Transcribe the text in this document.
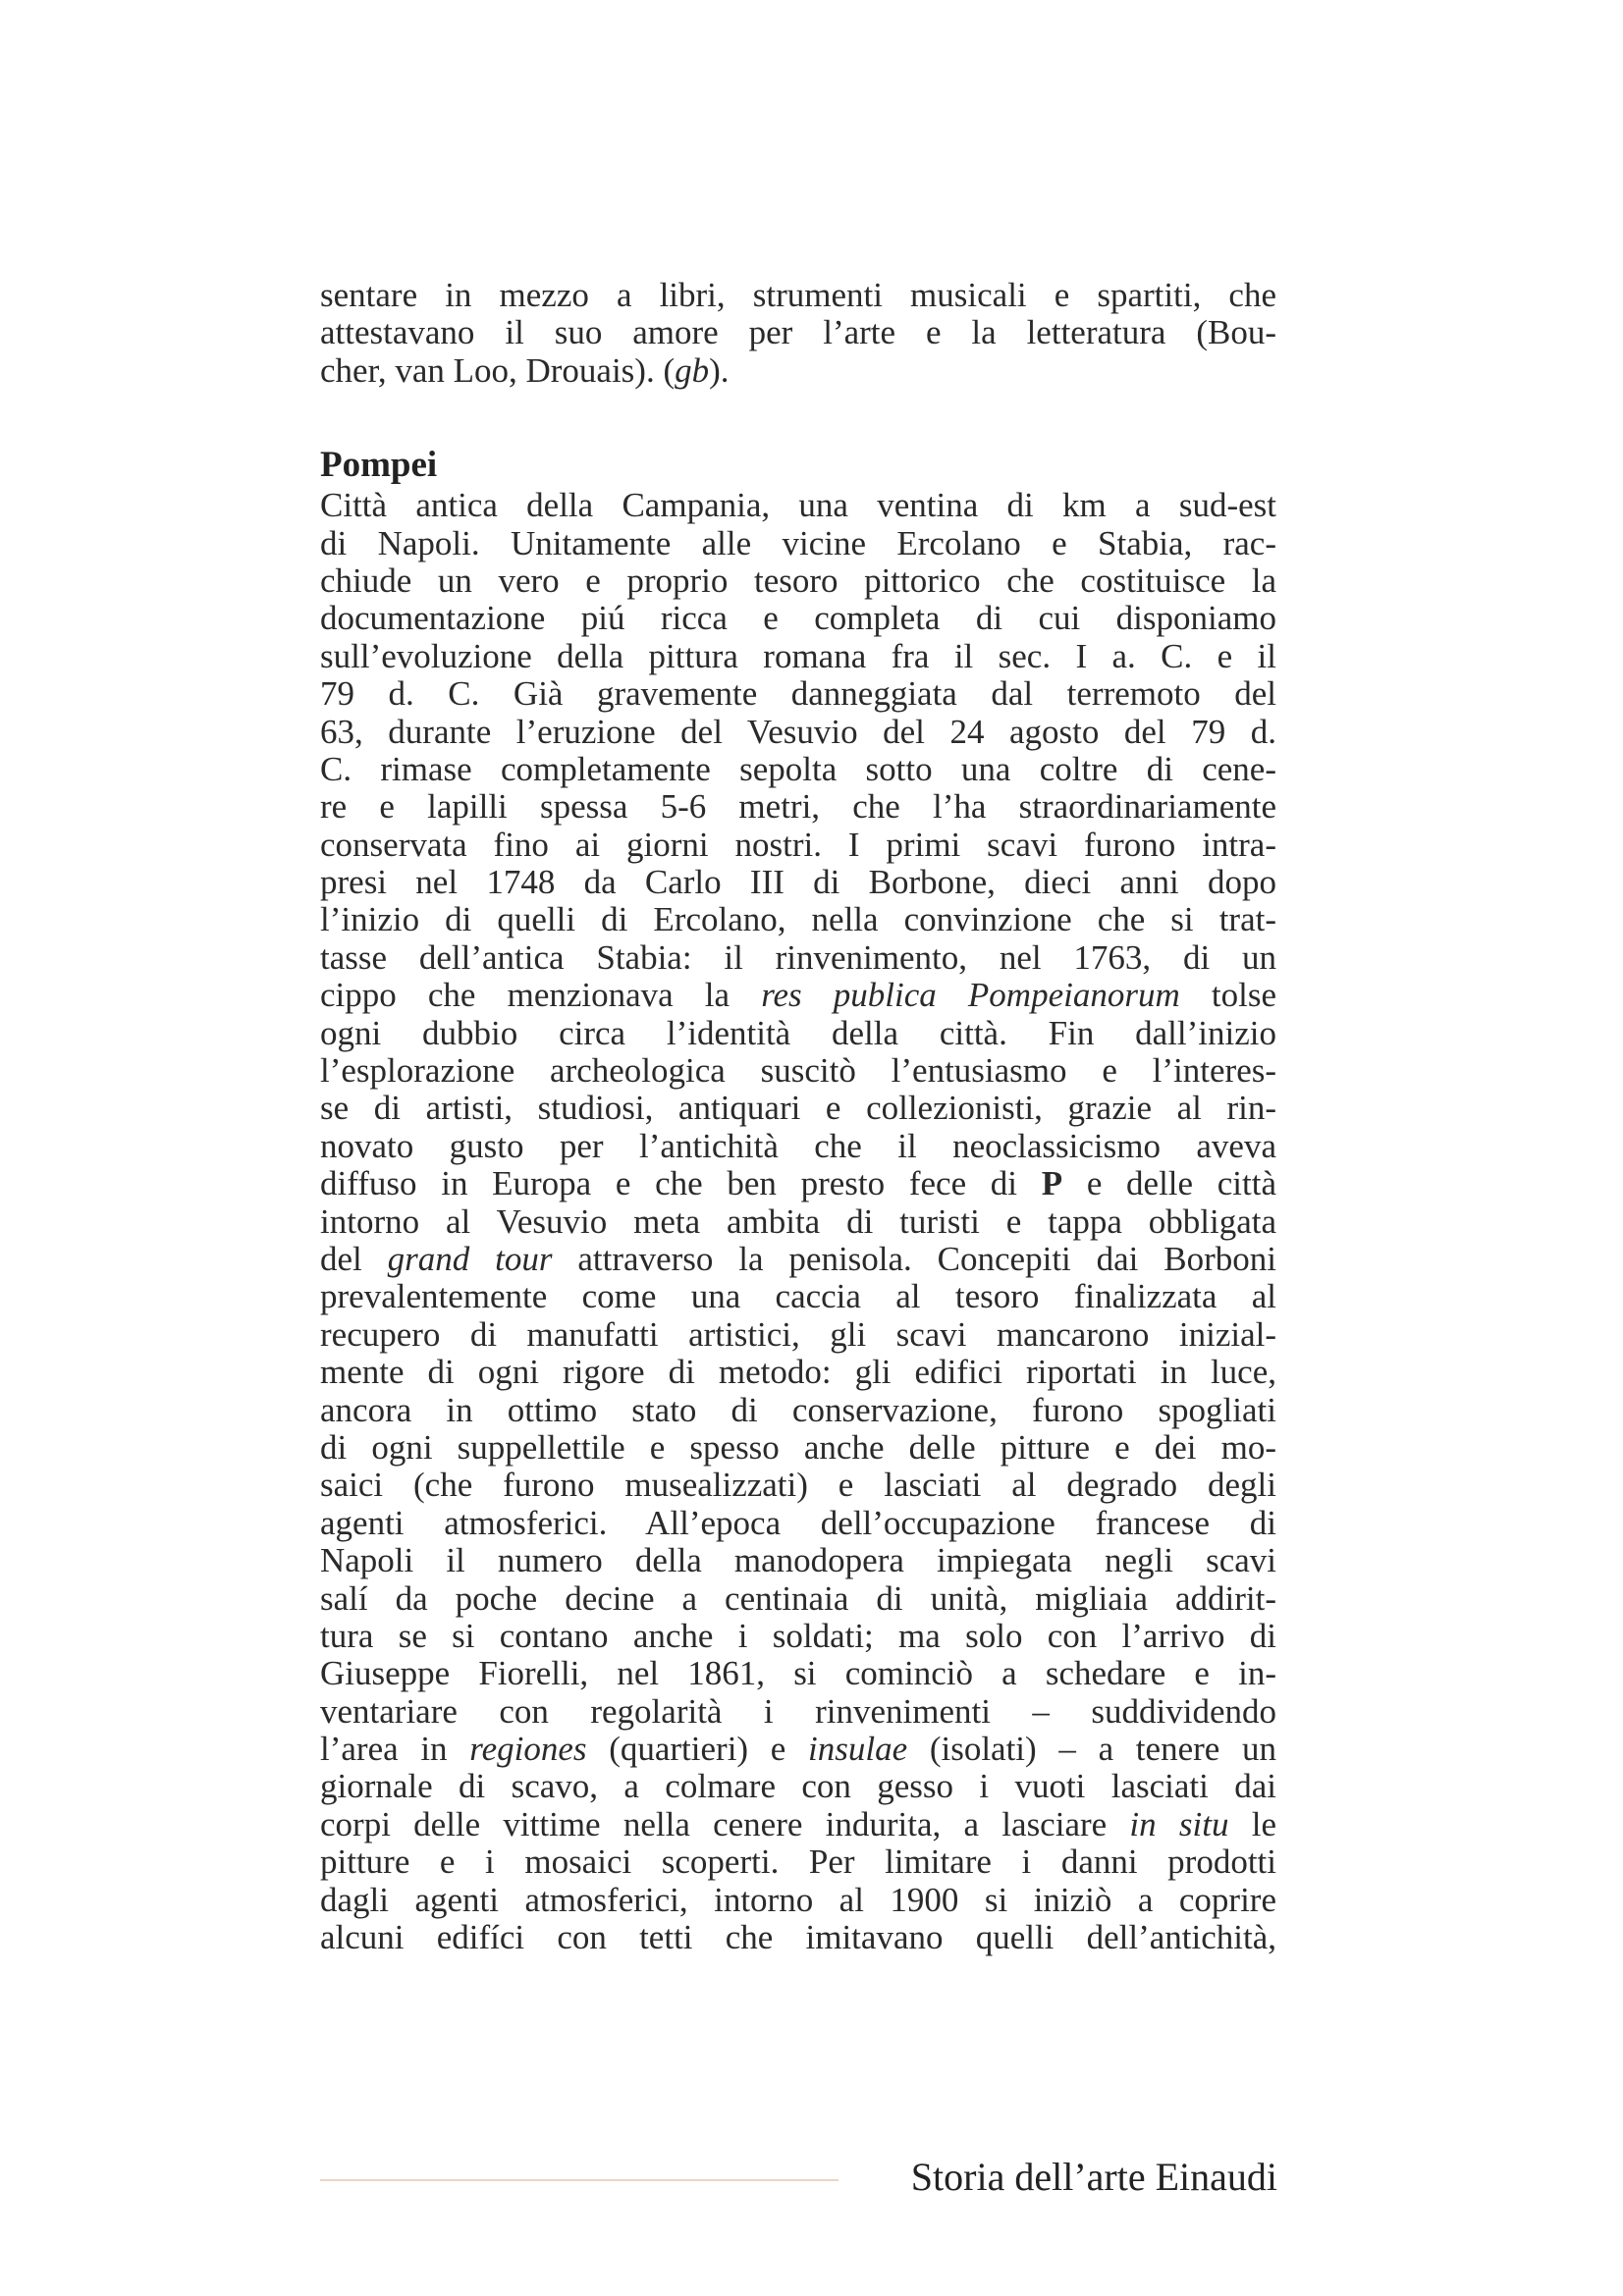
sentare in mezzo a libri, strumenti musicali e spartiti, che
attestavano il suo amore per l’arte e la letteratura (Bou-
cher, van Loo, Drouais). (gb).
Pompei
Città antica della Campania, una ventina di km a sud-est
di Napoli. Unitamente alle vicine Ercolano e Stabia, rac-
chiude un vero e proprio tesoro pittorico che costituisce la
documentazione piú ricca e completa di cui disponiamo
sull’evoluzione della pittura romana fra il sec. I a. C. e il
79 d. C. Già gravemente danneggiata dal terremoto del
63, durante l’eruzione del Vesuvio del 24 agosto del 79 d.
C. rimase completamente sepolta sotto una coltre di cene-
re e lapilli spessa 5-6 metri, che l’ha straordinariamente
conservata fino ai giorni nostri. I primi scavi furono intra-
presi nel 1748 da Carlo III di Borbone, dieci anni dopo
l’inizio di quelli di Ercolano, nella convinzione che si trat-
tasse dell’antica Stabia: il rinvenimento, nel 1763, di un
cippo che menzionava la res publica Pompeianorum tolse
ogni dubbio circa l’identità della città. Fin dall’inizio
l’esplorazione archeologica suscitò l’entusiasmo e l’interes-
se di artisti, studiosi, antiquari e collezionisti, grazie al rin-
novato gusto per l’antichità che il neoclassicismo aveva
diffuso in Europa e che ben presto fece di P e delle città
intorno al Vesuvio meta ambita di turisti e tappa obbligata
del grand tour attraverso la penisola. Concepiti dai Borboni
prevalentemente come una caccia al tesoro finalizzata al
recupero di manufatti artistici, gli scavi mancarono inizial-
mente di ogni rigore di metodo: gli edifici riportati in luce,
ancora in ottimo stato di conservazione, furono spogliati
di ogni suppellettile e spesso anche delle pitture e dei mo-
saici (che furono musealizzati) e lasciati al degrado degli
agenti atmosferici. All’epoca dell’occupazione francese di
Napoli il numero della manodopera impiegata negli scavi
salí da poche decine a centinaia di unità, migliaia addirit-
tura se si contano anche i soldati; ma solo con l’arrivo di
Giuseppe Fiorelli, nel 1861, si cominciò a schedare e in-
ventariare con regolarità i rinvenimenti – suddividendo
l’area in regiones (quartieri) e insulae (isolati) – a tenere un
giornale di scavo, a colmare con gesso i vuoti lasciati dai
corpi delle vittime nella cenere indurita, a lasciare in situ le
pitture e i mosaici scoperti. Per limitare i danni prodotti
dagli agenti atmosferici, intorno al 1900 si iniziò a coprire
alcuni edifíci con tetti che imitavano quelli dell’antichità,
Storia dell’arte Einaudi
